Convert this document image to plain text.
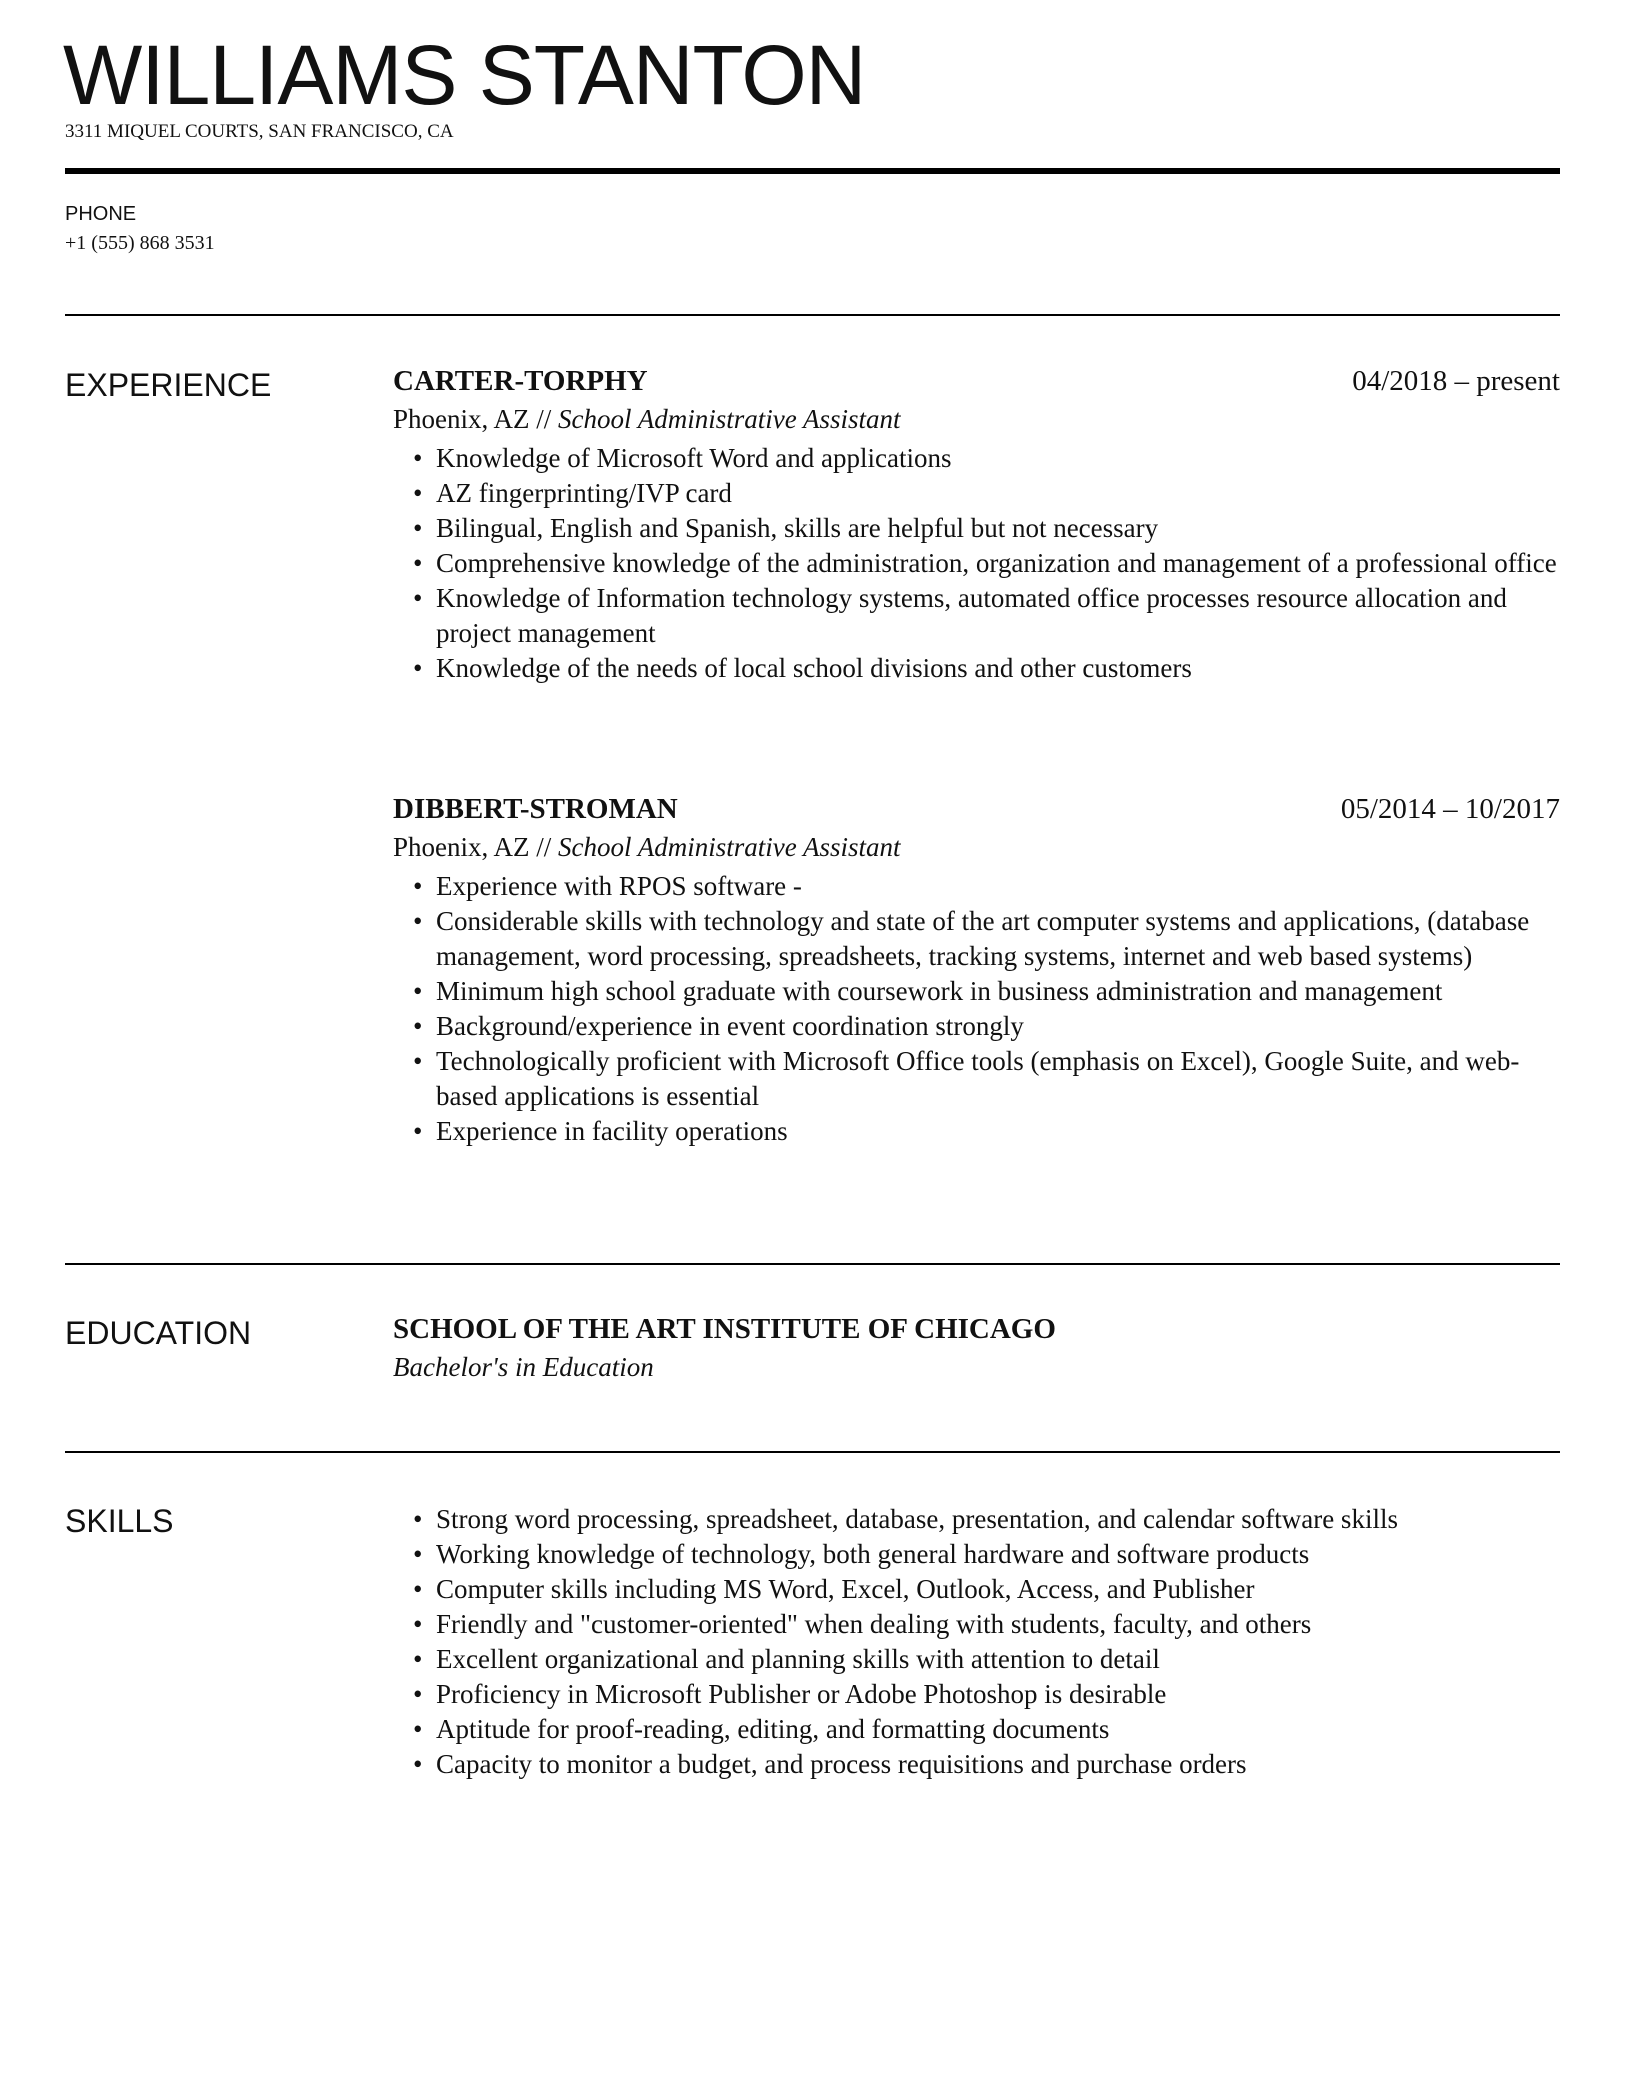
WILLIAMS STANTON
3311 MIQUEL COURTS, SAN FRANCISCO, CA
PHONE
+1 (555) 868 3531
EXPERIENCE	CARTER-TORPHY	04/2018 – present
Phoenix, AZ // School Administrative Assistant
• Knowledge of Microsoft Word and applications
• AZ fingerprinting/IVP card
• Bilingual, English and Spanish, skills are helpful but not necessary
• Comprehensive knowledge of the administration, organization and management of a professional office
• Knowledge of Information technology systems, automated office processes resource allocation and project management
• Knowledge of the needs of local school divisions and other customers
DIBBERT-STROMAN	05/2014 – 10/2017
Phoenix, AZ // School Administrative Assistant
• Experience with RPOS software -
• Considerable skills with technology and state of the art computer systems and applications, (database management, word processing, spreadsheets, tracking systems, internet and web based systems)
• Minimum high school graduate with coursework in business administration and management
• Background/experience in event coordination strongly
• Technologically proficient with Microsoft Office tools (emphasis on Excel), Google Suite, and web-based applications is essential
• Experience in facility operations
EDUCATION	SCHOOL OF THE ART INSTITUTE OF CHICAGO
Bachelor's in Education
SKILLS	• Strong word processing, spreadsheet, database, presentation, and calendar software skills
• Working knowledge of technology, both general hardware and software products
• Computer skills including MS Word, Excel, Outlook, Access, and Publisher
• Friendly and "customer-oriented" when dealing with students, faculty, and others
• Excellent organizational and planning skills with attention to detail
• Proficiency in Microsoft Publisher or Adobe Photoshop is desirable
• Aptitude for proof-reading, editing, and formatting documents
• Capacity to monitor a budget, and process requisitions and purchase orders
